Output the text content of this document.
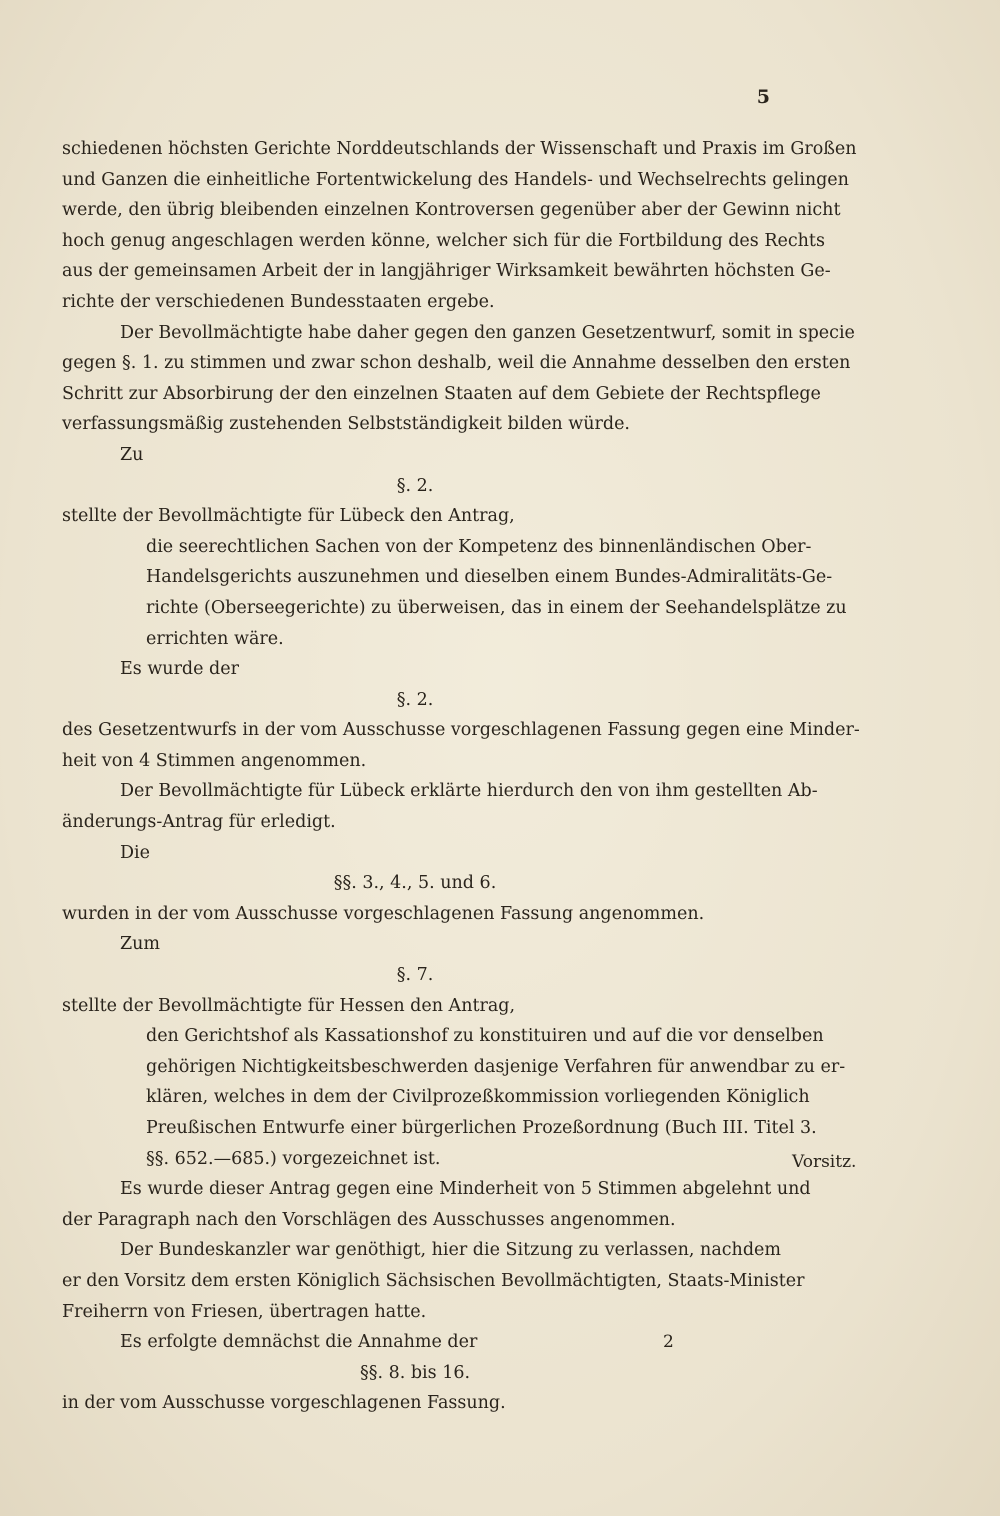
5
schiedenen höchsten Gerichte Norddeutschlands der Wissenschaft und Praxis im Großen
und Ganzen die einheitliche Fortentwickelung des Handels- und Wechselrechts gelingen
werde, den übrig bleibenden einzelnen Kontroversen gegenüber aber der Gewinn nicht
hoch genug angeschlagen werden könne, welcher sich für die Fortbildung des Rechts
aus der gemeinsamen Arbeit der in langjähriger Wirksamkeit bewährten höchsten Ge-
richte der verschiedenen Bundesstaaten ergebe.
Der Bevollmächtigte habe daher gegen den ganzen Gesetzentwurf, somit in specie
gegen §. 1. zu stimmen und zwar schon deshalb, weil die Annahme desselben den ersten
Schritt zur Absorbirung der den einzelnen Staaten auf dem Gebiete der Rechtspflege
verfassungsmäßig zustehenden Selbstständigkeit bilden würde.
Zu
§. 2.
stellte der Bevollmächtigte für Lübeck den Antrag,
die seerechtlichen Sachen von der Kompetenz des binnenländischen Ober-
Handelsgerichts auszunehmen und dieselben einem Bundes-Admiralitäts-Ge-
richte (Oberseegerichte) zu überweisen, das in einem der Seehandelsplätze zu
errichten wäre.
Es wurde der
§. 2.
des Gesetzentwurfs in der vom Ausschusse vorgeschlagenen Fassung gegen eine Minder-
heit von 4 Stimmen angenommen.
Der Bevollmächtigte für Lübeck erklärte hierdurch den von ihm gestellten Ab-
änderungs-Antrag für erledigt.
Die
§§. 3., 4., 5. und 6.
wurden in der vom Ausschusse vorgeschlagenen Fassung angenommen.
Zum
§. 7.
stellte der Bevollmächtigte für Hessen den Antrag,
den Gerichtshof als Kassationshof zu konstituiren und auf die vor denselben
gehörigen Nichtigkeitsbeschwerden dasjenige Verfahren für anwendbar zu er-
klären, welches in dem der Civilprozeßkommission vorliegenden Königlich
Preußischen Entwurfe einer bürgerlichen Prozeßordnung (Buch III. Titel 3.
§§. 652.—685.) vorgezeichnet ist.
Es wurde dieser Antrag gegen eine Minderheit von 5 Stimmen abgelehnt und
der Paragraph nach den Vorschlägen des Ausschusses angenommen.
Der Bundeskanzler war genöthigt, hier die Sitzung zu verlassen, nachdem
er den Vorsitz dem ersten Königlich Sächsischen Bevollmächtigten, Staats-Minister
Freiherrn von Friesen, übertragen hatte.
Es erfolgte demnächst die Annahme der
§§. 8. bis 16.
in der vom Ausschusse vorgeschlagenen Fassung.
Vorsitz.
2
